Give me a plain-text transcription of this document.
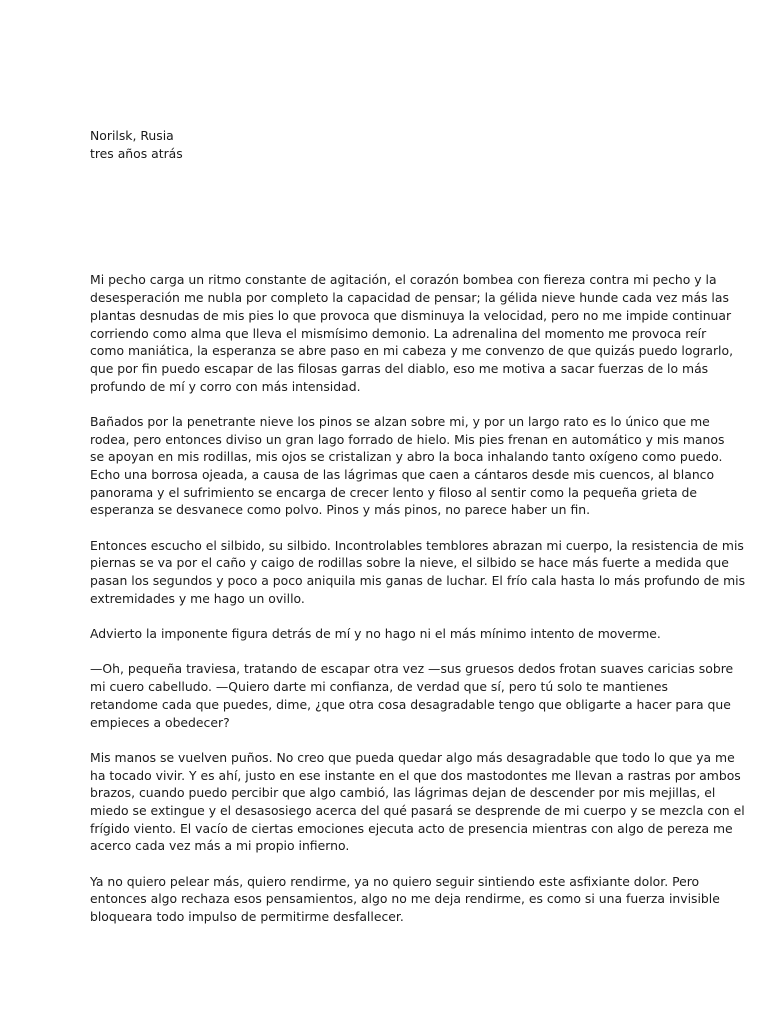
Norilsk, Rusia

tres años atrás

Mi pecho carga un ritmo constante de agitación, el corazón bombea con fiereza contra mi pecho y la
desesperación me nubla por completo la capacidad de pensar; la gélida nieve hunde cada vez más las
plantas desnudas de mis pies lo que provoca que disminuya la velocidad, pero no me impide continuar
corriendo como alma que lleva el mismísimo demonio. La adrenalina del momento me provoca reír
como maniática, la esperanza se abre paso en mi cabeza y me convenzo de que quizás puedo lograrlo,
que por fin puedo escapar de las filosas garras del diablo, eso me motiva a sacar fuerzas de lo más
profundo de mí y corro con más intensidad.

Bañados por la penetrante nieve los pinos se alzan sobre mi, y por un largo rato es lo único que me
rodea, pero entonces diviso un gran lago forrado de hielo. Mis pies frenan en automático y mis manos
se apoyan en mis rodillas, mis ojos se cristalizan y abro la boca inhalando tanto oxígeno como puedo.
Echo una borrosa ojeada, a causa de las lágrimas que caen a cántaros desde mis cuencos, al blanco
panorama y el sufrimiento se encarga de crecer lento y filoso al sentir como la pequeña grieta de
esperanza se desvanece como polvo. Pinos y más pinos, no parece haber un fin.

Entonces escucho el silbido, su silbido. Incontrolables temblores abrazan mi cuerpo, la resistencia de mis
piernas se va por el caño y caigo de rodillas sobre la nieve, el silbido se hace más fuerte a medida que
pasan los segundos y poco a poco aniquila mis ganas de luchar. El frío cala hasta lo más profundo de mis
extremidades y me hago un ovillo.

Advierto la imponente figura detrás de mí y no hago ni el más mínimo intento de moverme.

—Oh, pequeña traviesa, tratando de escapar otra vez —sus gruesos dedos frotan suaves caricias sobre
mi cuero cabelludo. —Quiero darte mi confianza, de verdad que sí, pero tú solo te mantienes
retandome cada que puedes, dime, ¿que otra cosa desagradable tengo que obligarte a hacer para que
empieces a obedecer?

Mis manos se vuelven puños. No creo que pueda quedar algo más desagradable que todo lo que ya me
ha tocado vivir. Y es ahí, justo en ese instante en el que dos mastodontes me llevan a rastras por ambos
brazos, cuando puedo percibir que algo cambió, las lágrimas dejan de descender por mis mejillas, el
miedo se extingue y el desasosiego acerca del qué pasará se desprende de mi cuerpo y se mezcla con el
frígido viento. El vacío de ciertas emociones ejecuta acto de presencia mientras con algo de pereza me
acerco cada vez más a mi propio infierno.

Ya no quiero pelear más, quiero rendirme, ya no quiero seguir sintiendo este asfixiante dolor. Pero
entonces algo rechaza esos pensamientos, algo no me deja rendirme, es como si una fuerza invisible
bloqueara todo impulso de permitirme desfallecer.
